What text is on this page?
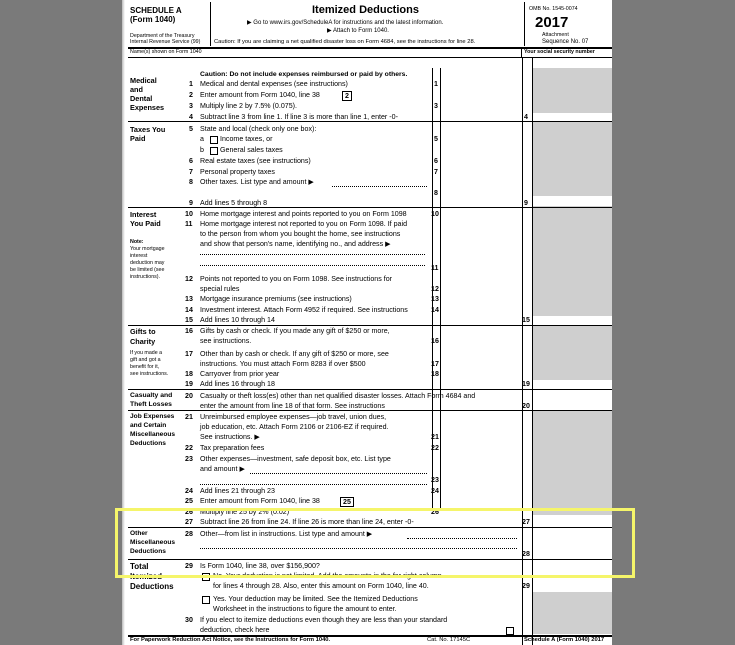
SCHEDULE A
(Form 1040)
Department of the Treasury
Internal Revenue Service (99)
Itemized Deductions
▶ Go to www.irs.gov/ScheduleA for instructions and the latest information.
▶ Attach to Form 1040.
Caution: If you are claiming a net qualified disaster loss on Form 4684, see the instructions for line 28.
OMB No. 1545-0074
2017
Attachment
Sequence No. 07
Name(s) shown on Form 1040	Your social security number
Medical
and
Dental
Expenses
Caution: Do not include expenses reimbursed or paid by others.
1 Medical and dental expenses (see instructions)	1
2 Enter amount from Form 1040, line 38	2
3 Multiply line 2 by 7.5% (0.075).	3
4 Subtract line 3 from line 1. If line 3 is more than line 1, enter -0-	4
Taxes You
Paid
5 State and local (check only one box):
a Income taxes, or
b General sales taxes
5
6 Real estate taxes (see instructions)	6
7 Personal property taxes	7
8 Other taxes. List type and amount ▶
8
9 Add lines 5 through 8	9
Interest
You Paid
Note:
Your mortgage
interest
deduction may
be limited (see
instructions).
10 Home mortgage interest and points reported to you on Form 1098	10
11 Home mortgage interest not reported to you on Form 1098. If paid
to the person from whom you bought the home, see instructions
and show that person's name, identifying no., and address ▶
11
12 Points not reported to you on Form 1098. See instructions for
special rules	12
13 Mortgage insurance premiums (see instructions)	13
14 Investment interest. Attach Form 4952 if required. See instructions	14
15 Add lines 10 through 14	15
Gifts to
Charity
If you made a
gift and got a
benefit for it,
see instructions.
16 Gifts by cash or check. If you made any gift of $250 or more,
see instructions.	16
17 Other than by cash or check. If any gift of $250 or more, see
instructions. You must attach Form 8283 if over $500	17
18 Carryover from prior year	18
19 Add lines 16 through 18	19
Casualty and
Theft Losses
20 Casualty or theft loss(es) other than net qualified disaster losses. Attach Form 4684 and
enter the amount from line 18 of that form. See instructions	20
Job Expenses
and Certain
Miscellaneous
Deductions
21 Unreimbursed employee expenses—job travel, union dues,
job education, etc. Attach Form 2106 or 2106-EZ if required.
See instructions. ▶	21
22 Tax preparation fees	22
23 Other expenses—investment, safe deposit box, etc. List type
and amount ▶
23
24 Add lines 21 through 23	24
25 Enter amount from Form 1040, line 38	25
26 Multiply line 25 by 2% (0.02)	26
27 Subtract line 26 from line 24. If line 26 is more than line 24, enter -0-	27
Other
Miscellaneous
Deductions
28 Other—from list in instructions. List type and amount ▶
28
Total
Itemized
Deductions
29 Is Form 1040, line 38, over $156,900?
No. Your deduction is not limited. Add the amounts in the far right column
for lines 4 through 28. Also, enter this amount on Form 1040, line 40.	29
Yes. Your deduction may be limited. See the Itemized Deductions
Worksheet in the instructions to figure the amount to enter.
30 If you elect to itemize deductions even though they are less than your standard
deduction, check here
For Paperwork Reduction Act Notice, see the Instructions for Form 1040.	Cat. No. 17145C	Schedule A (Form 1040) 2017
